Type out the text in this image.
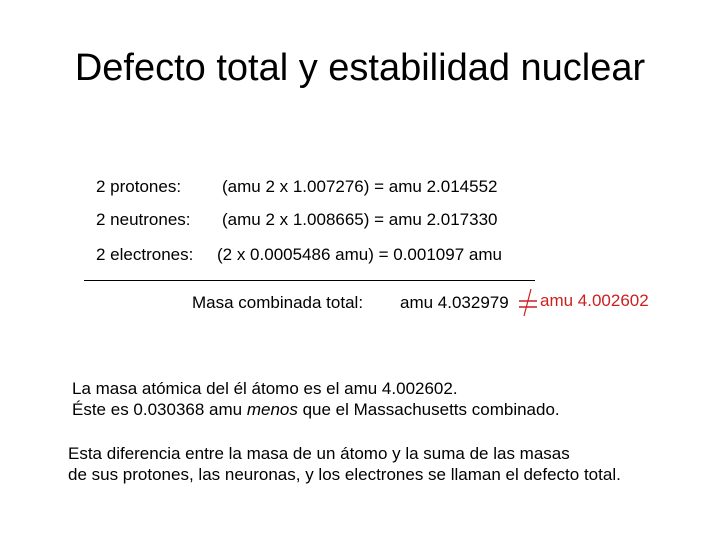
Defecto total y estabilidad nuclear
2 protones: (amu 2 x 1.007276) = amu 2.014552
2 neutrones: (amu 2 x 1.008665) = amu 2.017330
2 electrones: (2 x 0.0005486 amu) = 0.001097 amu
Masa combinada total: amu 4.032979 amu 4.002602
La masa atómica del él átomo es el amu 4.002602.
Éste es 0.030368 amu menos que el Massachusetts combinado.
Esta diferencia entre la masa de un átomo y la suma de las masas
de sus protones, las neuronas, y los electrones se llaman el defecto total.
